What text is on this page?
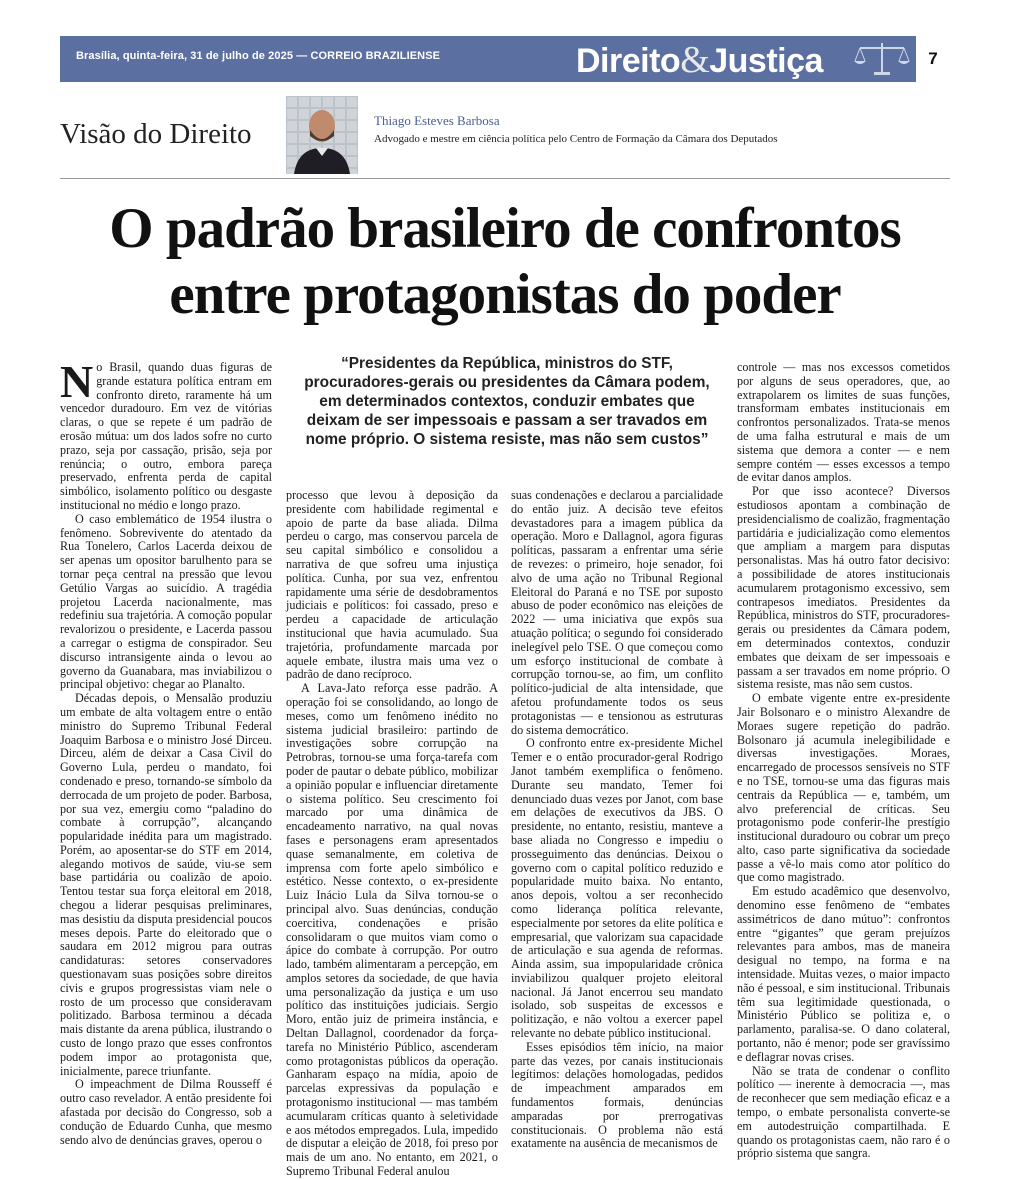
Brasília, quinta-feira, 31 de julho de 2025 — CORREIO BRAZILIENSE	Direito&Justiça	7
Visão do Direito	Thiago Esteves Barbosa
Advogado e mestre em ciência política pelo Centro de Formação da Câmara dos Deputados
O padrão brasileiro de confrontos
entre protagonistas do poder
“Presidentes da República, ministros do STF, procuradores-gerais ou presidentes da Câmara podem, em determinados contextos, conduzir embates que deixam de ser impessoais e passam a ser travados em nome próprio. O sistema resiste, mas não sem custos”

No Brasil, quando duas figuras de grande estatura política entram em confronto direto, raramente há um vencedor duradouro. Em vez de vitórias claras, o que se repete é um padrão de erosão mútua: um dos lados sofre no curto prazo, seja por cassação, prisão, seja por renúncia; o outro, embora pareça preservado, enfrenta perda de capital simbólico, isolamento político ou desgaste institucional no médio e longo prazo.

O caso emblemático de 1954 ilustra o fenômeno. Sobrevivente do atentado da Rua Tonelero, Carlos Lacerda deixou de ser apenas um opositor barulhento para se tornar peça central na pressão que levou Getúlio Vargas ao suicídio. A tragédia projetou Lacerda nacionalmente, mas redefiniu sua trajetória. A comoção popular revalorizou o presidente, e Lacerda passou a carregar o estigma de conspirador. Seu discurso intransigente ainda o levou ao governo da Guanabara, mas inviabilizou o principal objetivo: chegar ao Planalto.

Décadas depois, o Mensalão produziu um embate de alta voltagem entre o então ministro do Supremo Tribunal Federal Joaquim Barbosa e o ministro José Dirceu. Dirceu, além de deixar a Casa Civil do Governo Lula, perdeu o mandato, foi condenado e preso, tornando-se símbolo da derrocada de um projeto de poder. Barbosa, por sua vez, emergiu como “paladino do combate à corrupção”, alcançando popularidade inédita para um magistrado. Porém, ao aposentar-se do STF em 2014, alegando motivos de saúde, viu-se sem base partidária ou coalizão de apoio. Tentou testar sua força eleitoral em 2018, chegou a liderar pesquisas preliminares, mas desistiu da disputa presidencial poucos meses depois. Parte do eleitorado que o saudara em 2012 migrou para outras candidaturas: setores conservadores questionavam suas posições sobre direitos civis e grupos progressistas viam nele o rosto de um processo que consideravam politizado. Barbosa terminou a década mais distante da arena pública, ilustrando o custo de longo prazo que esses confrontos podem impor ao protagonista que, inicialmente, parece triunfante.

O impeachment de Dilma Rousseff é outro caso revelador. A então presidente foi afastada por decisão do Congresso, sob a condução de Eduardo Cunha, que mesmo sendo alvo de denúncias graves, operou o

processo que levou à deposição da presidente com habilidade regimental e apoio de parte da base aliada. Dilma perdeu o cargo, mas conservou parcela de seu capital simbólico e consolidou a narrativa de que sofreu uma injustiça política. Cunha, por sua vez, enfrentou rapidamente uma série de desdobramentos judiciais e políticos: foi cassado, preso e perdeu a capacidade de articulação institucional que havia acumulado. Sua trajetória, profundamente marcada por aquele embate, ilustra mais uma vez o padrão de dano recíproco.

A Lava-Jato reforça esse padrão. A operação foi se consolidando, ao longo de meses, como um fenômeno inédito no sistema judicial brasileiro: partindo de investigações sobre corrupção na Petrobras, tornou-se uma força-tarefa com poder de pautar o debate público, mobilizar a opinião popular e influenciar diretamente o sistema político. Seu crescimento foi marcado por uma dinâmica de encadeamento narrativo, na qual novas fases e personagens eram apresentados quase semanalmente, em coletiva de imprensa com forte apelo simbólico e estético. Nesse contexto, o ex-presidente Luiz Inácio Lula da Silva tornou-se o principal alvo. Suas denúncias, condução coercitiva, condenações e prisão consolidaram o que muitos viam como o ápice do combate à corrupção. Por outro lado, também alimentaram a percepção, em amplos setores da sociedade, de que havia uma personalização da justiça e um uso político das instituições judiciais. Sergio Moro, então juiz de primeira instância, e Deltan Dallagnol, coordenador da força-tarefa no Ministério Público, ascenderam como protagonistas públicos da operação. Ganharam espaço na mídia, apoio de parcelas expressivas da população e protagonismo institucional — mas também acumularam críticas quanto à seletividade e aos métodos empregados. Lula, impedido de disputar a eleição de 2018, foi preso por mais de um ano. No entanto, em 2021, o Supremo Tribunal Federal anulou

suas condenações e declarou a parcialidade do então juiz. A decisão teve efeitos devastadores para a imagem pública da operação. Moro e Dallagnol, agora figuras políticas, passaram a enfrentar uma série de revezes: o primeiro, hoje senador, foi alvo de uma ação no Tribunal Regional Eleitoral do Paraná e no TSE por suposto abuso de poder econômico nas eleições de 2022 — uma iniciativa que expôs sua atuação política; o segundo foi considerado inelegível pelo TSE. O que começou como um esforço institucional de combate à corrupção tornou-se, ao fim, um conflito político-judicial de alta intensidade, que afetou profundamente todos os seus protagonistas — e tensionou as estruturas do sistema democrático.

O confronto entre ex-presidente Michel Temer e o então procurador-geral Rodrigo Janot também exemplifica o fenômeno. Durante seu mandato, Temer foi denunciado duas vezes por Janot, com base em delações de executivos da JBS. O presidente, no entanto, resistiu, manteve a base aliada no Congresso e impediu o prosseguimento das denúncias. Deixou o governo com o capital político reduzido e popularidade muito baixa. No entanto, anos depois, voltou a ser reconhecido como liderança política relevante, especialmente por setores da elite política e empresarial, que valorizam sua capacidade de articulação e sua agenda de reformas. Ainda assim, sua impopularidade crônica inviabilizou qualquer projeto eleitoral nacional. Já Janot encerrou seu mandato isolado, sob suspeitas de excessos e politização, e não voltou a exercer papel relevante no debate público institucional.

Esses episódios têm início, na maior parte das vezes, por canais institucionais legítimos: delações homologadas, pedidos de impeachment amparados em fundamentos formais, denúncias amparadas por prerrogativas constitucionais. O problema não está exatamente na ausência de mecanismos de

controle — mas nos excessos cometidos por alguns de seus operadores, que, ao extrapolarem os limites de suas funções, transformam embates institucionais em confrontos personalizados. Trata-se menos de uma falha estrutural e mais de um sistema que demora a conter — e nem sempre contém — esses excessos a tempo de evitar danos amplos.

Por que isso acontece? Diversos estudiosos apontam a combinação de presidencialismo de coalizão, fragmentação partidária e judicialização como elementos que ampliam a margem para disputas personalistas. Mas há outro fator decisivo: a possibilidade de atores institucionais acumularem protagonismo excessivo, sem contrapesos imediatos. Presidentes da República, ministros do STF, procuradores-gerais ou presidentes da Câmara podem, em determinados contextos, conduzir embates que deixam de ser impessoais e passam a ser travados em nome próprio. O sistema resiste, mas não sem custos.

O embate vigente entre ex-presidente Jair Bolsonaro e o ministro Alexandre de Moraes sugere repetição do padrão. Bolsonaro já acumula inelegibilidade e diversas investigações. Moraes, encarregado de processos sensíveis no STF e no TSE, tornou-se uma das figuras mais centrais da República — e, também, um alvo preferencial de críticas. Seu protagonismo pode conferir-lhe prestígio institucional duradouro ou cobrar um preço alto, caso parte significativa da sociedade passe a vê-lo mais como ator político do que como magistrado.

Em estudo acadêmico que desenvolvo, denomino esse fenômeno de “embates assimétricos de dano mútuo”: confrontos entre “gigantes” que geram prejuízos relevantes para ambos, mas de maneira desigual no tempo, na forma e na intensidade. Muitas vezes, o maior impacto não é pessoal, e sim institucional. Tribunais têm sua legitimidade questionada, o Ministério Público se politiza e, o parlamento, paralisa-se. O dano colateral, portanto, não é menor; pode ser gravíssimo e deflagrar novas crises.

Não se trata de condenar o conflito político — inerente à democracia —, mas de reconhecer que sem mediação eficaz e a tempo, o embate personalista converte-se em autodestruição compartilhada. E quando os protagonistas caem, não raro é o próprio sistema que sangra.
